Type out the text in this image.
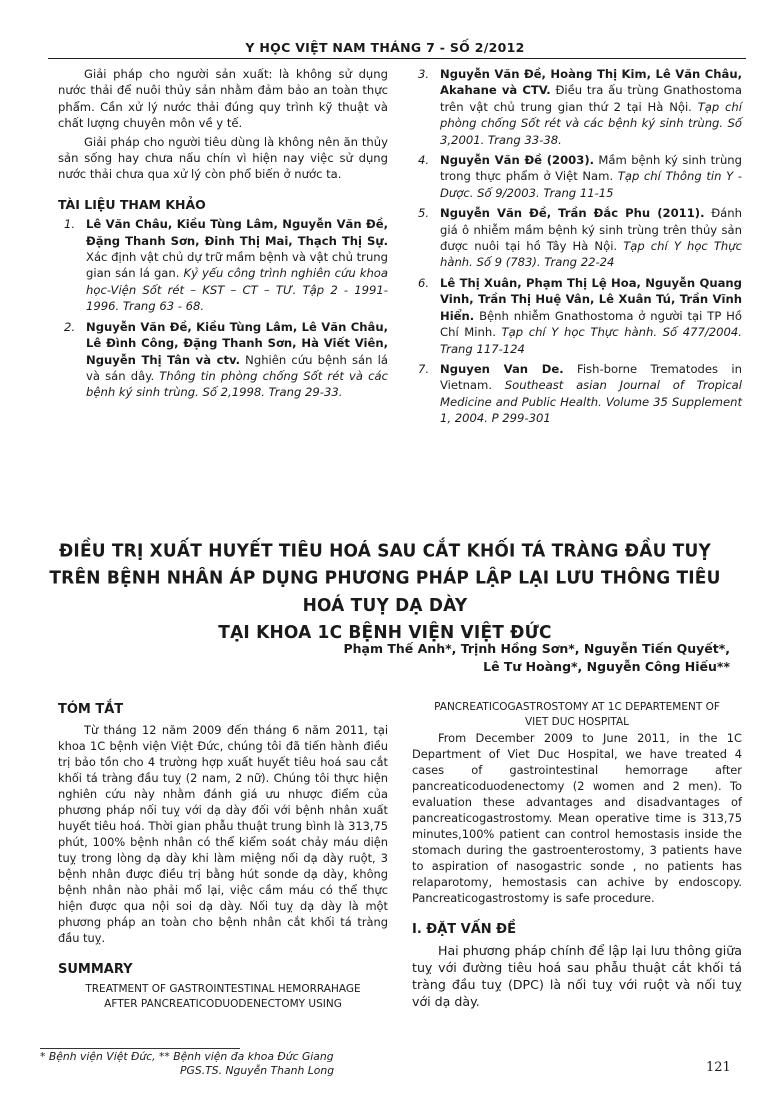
Y HỌC VIỆT NAM THÁNG 7 - SỐ 2/2012
Giải pháp cho người sản xuất: là không sử dụng nước thải để nuôi thủy sản nhằm đảm bảo an toàn thực phẩm. Cần xử lý nước thải đúng quy trình kỹ thuật và chất lượng chuyên môn về y tế.
Giải pháp cho người tiêu dùng là không nên ăn thủy sản sống hay chưa nấu chín vì hiện nay việc sử dụng nước thải chưa qua xử lý còn phổ biến ở nước ta.
TÀI LIỆU THAM KHẢO
1. Lê Văn Châu, Kiều Tùng Lâm, Nguyễn Văn Đề, Đặng Thanh Sơn, Đinh Thị Mai, Thạch Thị Sự. Xác định vật chủ dự trữ mầm bệnh và vật chủ trung gian sán lá gan. Kỷ yếu công trình nghiên cứu khoa học-Viện Sốt rét – KST – CT – TƯ. Tập 2 - 1991-1996. Trang 63 - 68.
2. Nguyễn Văn Đề, Kiều Tùng Lâm, Lê Văn Châu, Lê Đình Công, Đặng Thanh Sơn, Hà Viết Viên, Nguyễn Thị Tân và ctv. Nghiên cứu bệnh sán lá và sán dây. Thông tin phòng chống Sốt rét và các bệnh ký sinh trùng. Số 2,1998. Trang 29-33.
3. Nguyễn Văn Đề, Hoàng Thị Kim, Lê Văn Châu, Akahane và CTV. Điều tra ấu trùng Gnathostoma trên vật chủ trung gian thứ 2 tại Hà Nội. Tạp chí phòng chống Sốt rét và các bệnh ký sinh trùng. Số 3,2001. Trang 33-38.
4. Nguyễn Văn Đề (2003). Mầm bệnh ký sinh trùng trong thực phẩm ở Việt Nam. Tạp chí Thông tin Y -Dược. Số 9/2003. Trang 11-15
5. Nguyễn Văn Đề, Trần Đắc Phu (2011). Đánh giá ô nhiễm mầm bệnh ký sinh trùng trên thủy sản được nuôi tại hồ Tây Hà Nội. Tạp chí Y học Thực hành. Số 9 (783). Trang 22-24
6. Lê Thị Xuân, Phạm Thị Lệ Hoa, Nguyễn Quang Vinh, Trần Thị Huệ Vân, Lê Xuân Tú, Trần Vĩnh Hiển. Bệnh nhiễm Gnathostoma ở người tại TP Hồ Chí Minh. Tạp chí Y học Thực hành. Số 477/2004. Trang 117-124
7. Nguyen Van De. Fish-borne Trematodes in Vietnam. Southeast asian Journal of Tropical Medicine and Public Health. Volume 35 Supplement 1, 2004. P 299-301
ĐIỀU TRỊ XUẤT HUYẾT TIÊU HOÁ SAU CẮT KHỐI TÁ TRÀNG ĐẦU TUỴ
TRÊN BỆNH NHÂN ÁP DỤNG PHƯƠNG PHÁP LẬP LẠI LƯU THÔNG TIÊU HOÁ TUỴ DẠ DÀY
TẠI KHOA 1C BỆNH VIỆN VIỆT ĐỨC
Phạm Thế Anh*, Trịnh Hồng Sơn*, Nguyễn Tiến Quyết*,
Lê Tư Hoàng*, Nguyễn Công Hiếu**
TÓM TẮT
Từ tháng 12 năm 2009 đến tháng 6 năm 2011, tại khoa 1C bệnh viện Việt Đức, chúng tôi đã tiến hành điều trị bảo tồn cho 4 trường hợp xuất huyết tiêu hoá sau cắt khối tá tràng đầu tuỵ (2 nam, 2 nữ). Chúng tôi thực hiện nghiên cứu này nhằm đánh giá ưu nhược điểm của phương pháp nối tuỵ với dạ dày đối với bệnh nhân xuất huyết tiêu hoá. Thời gian phẫu thuật trung bình là 313,75 phút, 100% bệnh nhân có thể kiểm soát chảy máu diện tuỵ trong lòng dạ dày khi làm miệng nối dạ dày ruột, 3 bệnh nhân được điều trị bằng hút sonde dạ dày, không bệnh nhân nào phải mổ lại, việc cầm máu có thể thực hiện được qua nội soi dạ dày. Nối tuỵ dạ dày là một phương pháp an toàn cho bệnh nhân cắt khối tá tràng đầu tuỵ.
SUMMARY
TREATMENT OF GASTROINTESTINAL HEMORRAHAGE
AFTER PANCREATICODUODENECTOMY USING
PANCREATICOGASTROSTOMY AT 1C DEPARTEMENT OF
VIET DUC HOSPITAL
From December 2009 to June 2011, in the 1C Department of Viet Duc Hospital, we have treated 4 cases of gastrointestinal hemorrage after pancreaticoduodenectomy (2 women and 2 men). To evaluation these advantages and disadvantages of pancreaticogastrostomy. Mean operative time is 313,75 minutes,100% patient can control hemostasis inside the stomach during the gastroenterostomy, 3 patients have to aspiration of nasogastric sonde , no patients has relaparotomy, hemostasis can achive by endoscopy. Pancreaticogastrostomy is safe procedure.
I. ĐẶT VẤN ĐỀ
Hai phương pháp chính để lập lại lưu thông giữa tuỵ với đường tiêu hoá sau phẫu thuật cắt khối tá tràng đầu tuỵ (DPC) là nối tuỵ với ruột và nối tuỵ với dạ dày.
* Bệnh viện Việt Đức, ** Bệnh viện đa khoa Đức Giang
PGS.TS. Nguyễn Thanh Long	121
